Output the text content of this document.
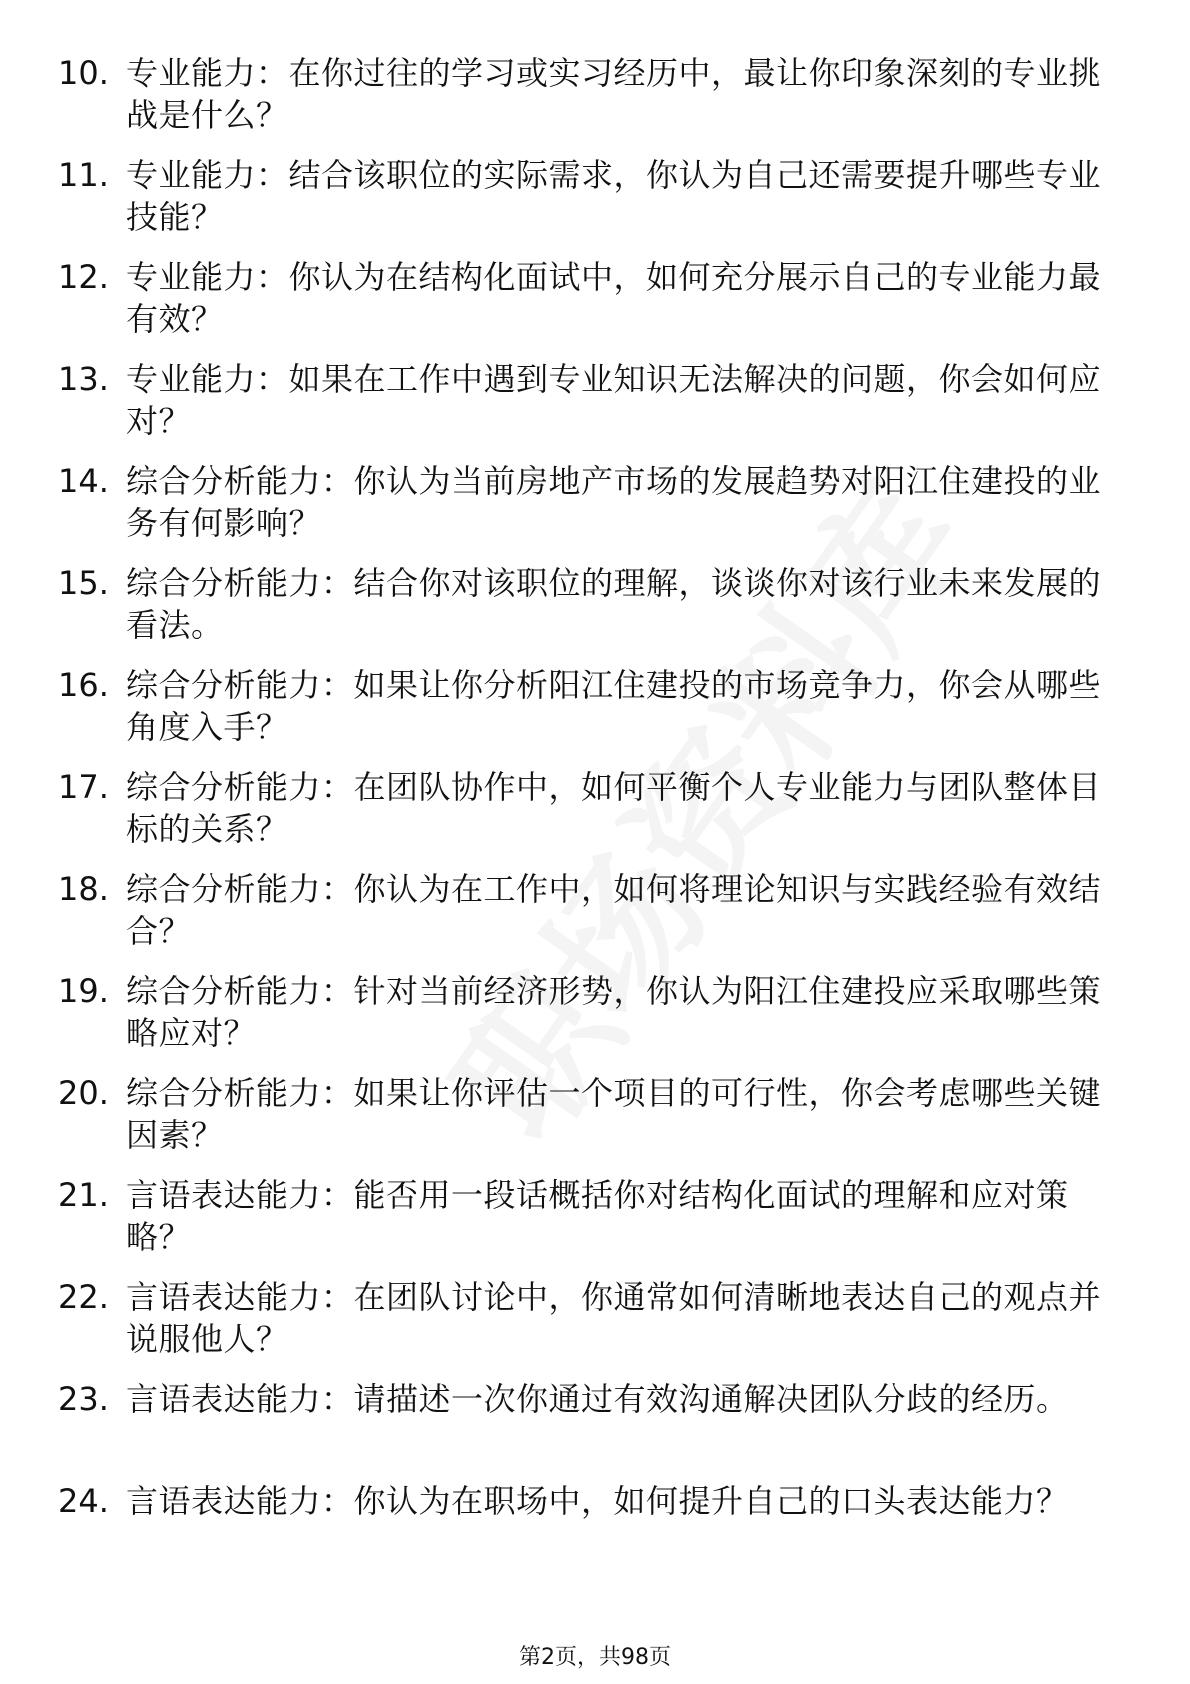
10. 专业能力：在你过往的学习或实习经历中，最让你印象深刻的专业挑战是什么？
11. 专业能力：结合该职位的实际需求，你认为自己还需要提升哪些专业技能？
12. 专业能力：你认为在结构化面试中，如何充分展示自己的专业能力最有效？
13. 专业能力：如果在工作中遇到专业知识无法解决的问题，你会如何应对？
14. 综合分析能力：你认为当前房地产市场的发展趋势对阳江住建投的业务有何影响？
15. 综合分析能力：结合你对该职位的理解，谈谈你对该行业未来发展的看法。
16. 综合分析能力：如果让你分析阳江住建投的市场竞争力，你会从哪些角度入手？
17. 综合分析能力：在团队协作中，如何平衡个人专业能力与团队整体目标的关系？
18. 综合分析能力：你认为在工作中，如何将理论知识与实践经验有效结合？
19. 综合分析能力：针对当前经济形势，你认为阳江住建投应采取哪些策略应对？
20. 综合分析能力：如果让你评估一个项目的可行性，你会考虑哪些关键因素？
21. 言语表达能力：能否用一段话概括你对结构化面试的理解和应对策略？
22. 言语表达能力：在团队讨论中，你通常如何清晰地表达自己的观点并说服他人？
23. 言语表达能力：请描述一次你通过有效沟通解决团队分歧的经历。
24. 言语表达能力：你认为在职场中，如何提升自己的口头表达能力？
第2页，共98页
